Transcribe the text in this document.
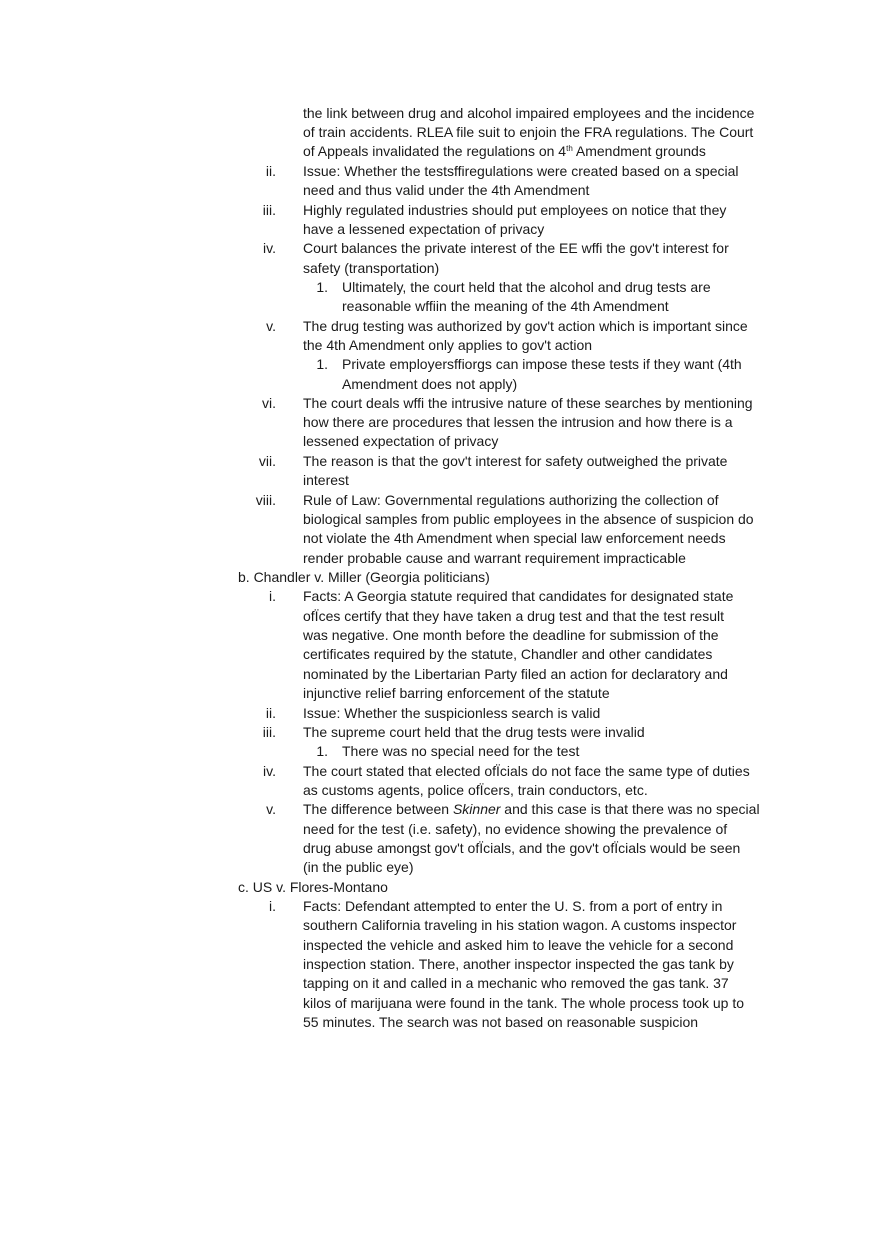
the link between drug and alcohol impaired employees and the incidence

of train accidents. RLEA file suit to enjoin the FRA regulations. The Court

of Appeals invalidated the regulations on 4th Amendment grounds

ii. Issue: Whether the testsffiregulations were created based on a special

need and thus valid under the 4th Amendment

iii. Highly regulated industries should put employees on notice that they

have a lessened expectation of privacy

iv. Court balances the private interest of the EE wffi the gov't interest for

safety (transportation)

1. Ultimately, the court held that the alcohol and drug tests are

reasonable wffiin the meaning of the 4th Amendment

v. The drug testing was authorized by gov't action which is important since

the 4th Amendment only applies to gov't action

1. Private employersffiorgs can impose these tests if they want (4th

Amendment does not apply)

vi. The court deals wffi the intrusive nature of these searches by mentioning

how there are procedures that lessen the intrusion and how there is a

lessened expectation of privacy

vii. The reason is that the gov't interest for safety outweighed the private

interest

viii. Rule of Law: Governmental regulations authorizing the collection of

biological samples from public employees in the absence of suspicion do

not violate the 4th Amendment when special law enforcement needs

render probable cause and warrant requirement impracticable

b. Chandler v. Miller (Georgia politicians)

i. Facts: A Georgia statute required that candidates for designated state

ofÏces certify that they have taken a drug test and that the test result

was negative. One month before the deadline for submission of the

certificates required by the statute, Chandler and other candidates

nominated by the Libertarian Party filed an action for declaratory and

injunctive relief barring enforcement of the statute

ii. Issue: Whether the suspicionless search is valid

iii. The supreme court held that the drug tests were invalid

1. There was no special need for the test

iv. The court stated that elected ofÏcials do not face the same type of duties

as customs agents, police ofÏcers, train conductors, etc.

v. The difference between Skinner and this case is that there was no special

need for the test (i.e. safety), no evidence showing the prevalence of

drug abuse amongst gov't ofÏcials, and the gov't ofÏcials would be seen

(in the public eye)

c. US v. Flores-Montano

i. Facts: Defendant attempted to enter the U. S. from a port of entry in

southern California traveling in his station wagon. A customs inspector

inspected the vehicle and asked him to leave the vehicle for a second

inspection station. There, another inspector inspected the gas tank by

tapping on it and called in a mechanic who removed the gas tank. 37

kilos of marijuana were found in the tank. The whole process took up to

55 minutes. The search was not based on reasonable suspicion
